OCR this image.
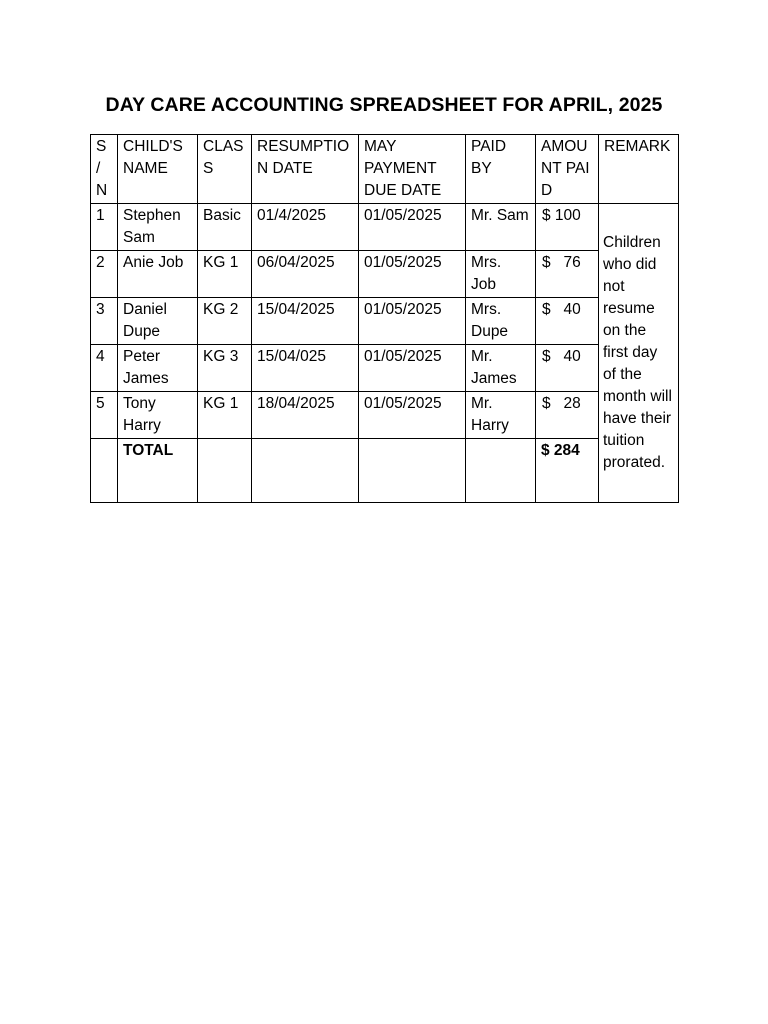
DAY CARE ACCOUNTING SPREADSHEET FOR APRIL, 2025
S / N	CHILD'S NAME	CLASS	RESUMPTION DATE	MAY PAYMENT DUE DATE	PAID BY	AMOUNT PAID	REMARK
1	Stephen Sam	Basic	01/4/2025	01/05/2025	Mr. Sam	$ 100	Children who did not resume on the first day of the month will have their tuition prorated.
2	Anie Job	KG 1	06/04/2025	01/05/2025	Mrs. Job	$   76	
3	Daniel Dupe	KG 2	15/04/2025	01/05/2025	Mrs. Dupe	$   40	
4	Peter James	KG 3	15/04/025	01/05/2025	Mr. James	$   40	
5	Tony Harry	KG 1	18/04/2025	01/05/2025	Mr. Harry	$   28	
	TOTAL					$ 284	
